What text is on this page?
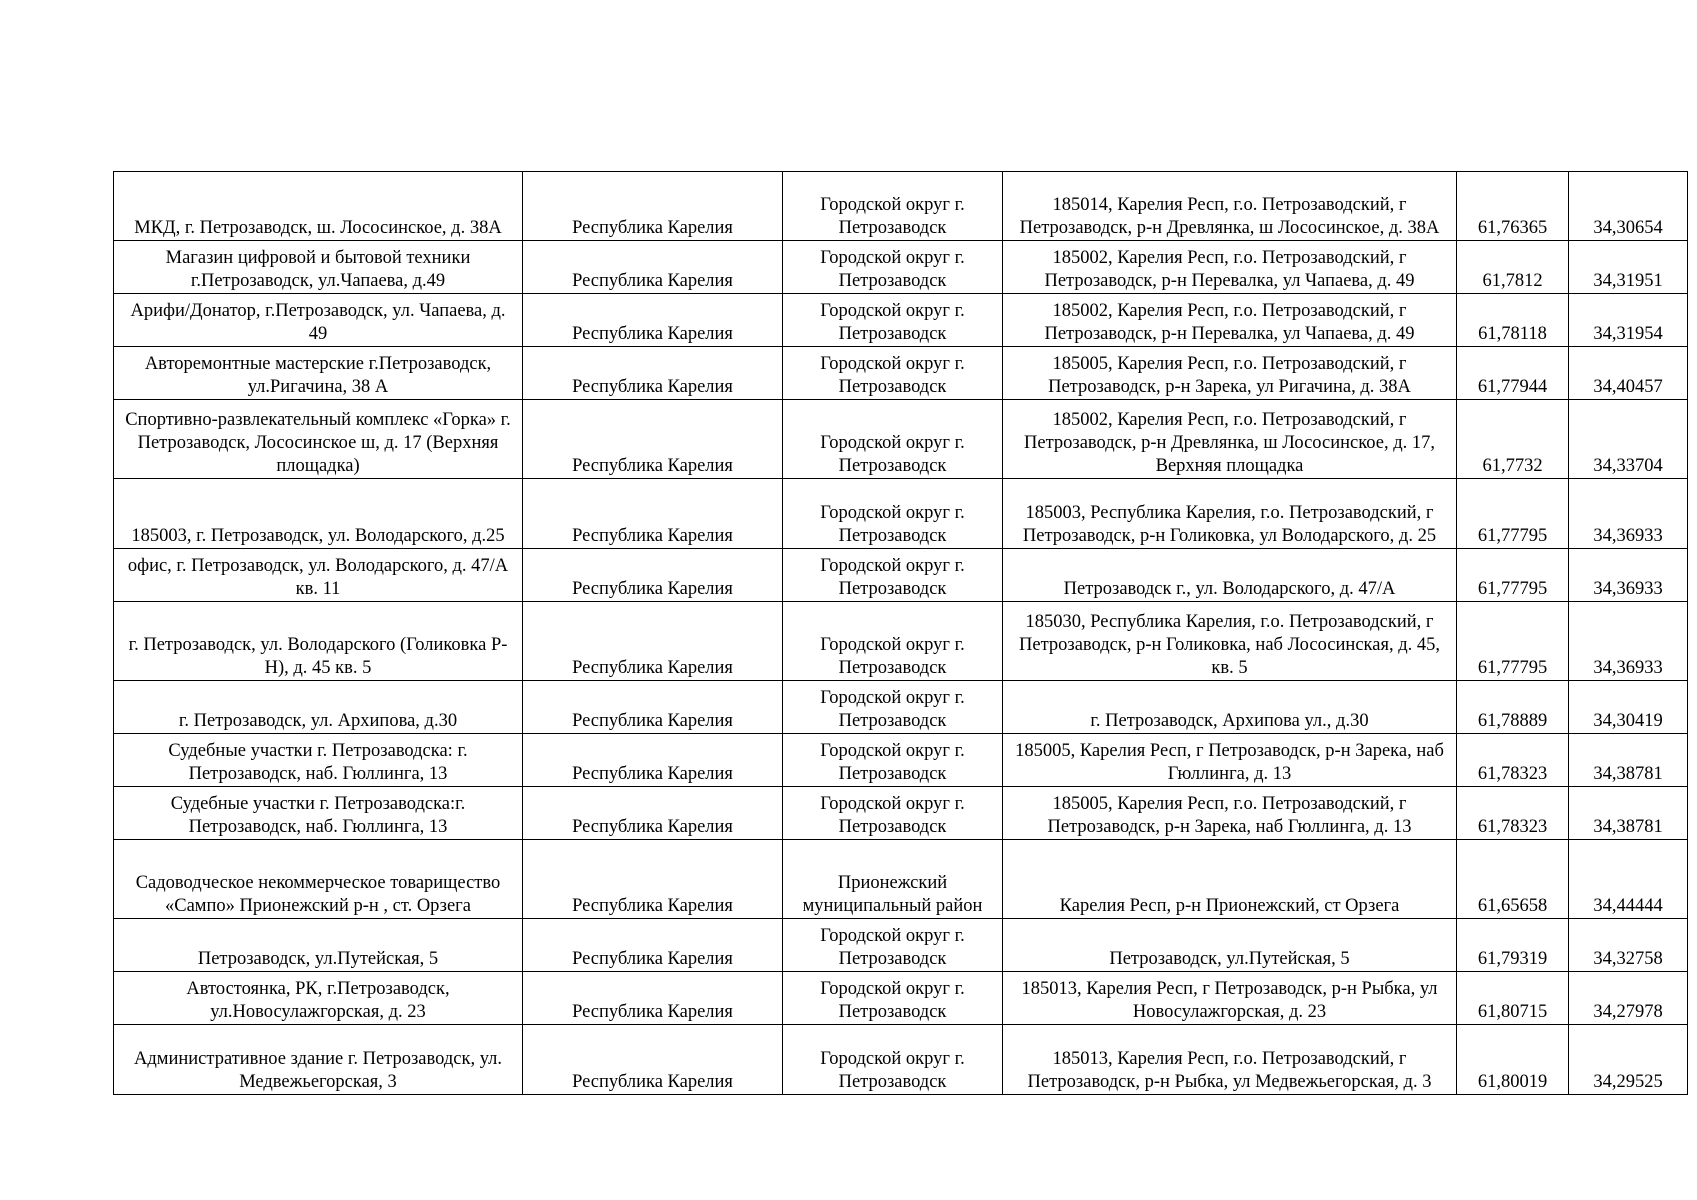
МКД, г. Петрозаводск, ш. Лососинское, д. 38А	Республика Карелия	Городской округ г. Петрозаводск	185014, Карелия Респ, г.о. Петрозаводский, г Петрозаводск, р-н Древлянка, ш Лососинское, д. 38А	61,76365	34,30654
Магазин цифровой и бытовой техники г.Петрозаводск, ул.Чапаева, д.49	Республика Карелия	Городской округ г. Петрозаводск	185002, Карелия Респ, г.о. Петрозаводский, г Петрозаводск, р-н Перевалка, ул Чапаева, д. 49	61,7812	34,31951
Арифи/Донатор, г.Петрозаводск, ул. Чапаева, д. 49	Республика Карелия	Городской округ г. Петрозаводск	185002, Карелия Респ, г.о. Петрозаводский, г Петрозаводск, р-н Перевалка, ул Чапаева, д. 49	61,78118	34,31954
Авторемонтные мастерские г.Петрозаводск, ул.Ригачина, 38 А	Республика Карелия	Городской округ г. Петрозаводск	185005, Карелия Респ, г.о. Петрозаводский, г Петрозаводск, р-н Зарека, ул Ригачина, д. 38А	61,77944	34,40457
Спортивно-развлекательный комплекс «Горка» г. Петрозаводск, Лососинское ш, д. 17 (Верхняя площадка)	Республика Карелия	Городской округ г. Петрозаводск	185002, Карелия Респ, г.о. Петрозаводский, г Петрозаводск, р-н Древлянка, ш Лососинское, д. 17, Верхняя площадка	61,7732	34,33704
185003, г. Петрозаводск, ул. Володарского, д.25	Республика Карелия	Городской округ г. Петрозаводск	185003, Республика Карелия, г.о. Петрозаводский, г Петрозаводск, р-н Голиковка, ул Володарского, д. 25	61,77795	34,36933
офис, г. Петрозаводск, ул. Володарского, д. 47/А кв. 11	Республика Карелия	Городской округ г. Петрозаводск	Петрозаводск г., ул. Володарского, д. 47/А	61,77795	34,36933
г. Петрозаводск, ул. Володарского (Голиковка Р-Н), д. 45 кв. 5	Республика Карелия	Городской округ г. Петрозаводск	185030, Республика Карелия, г.о. Петрозаводский, г Петрозаводск, р-н Голиковка, наб Лососинская, д. 45, кв. 5	61,77795	34,36933
г. Петрозаводск, ул. Архипова, д.30	Республика Карелия	Городской округ г. Петрозаводск	г. Петрозаводск, Архипова ул., д.30	61,78889	34,30419
Судебные участки г. Петрозаводска: г. Петрозаводск, наб. Гюллинга, 13	Республика Карелия	Городской округ г. Петрозаводск	185005, Карелия Респ, г Петрозаводск, р-н Зарека, наб Гюллинга, д. 13	61,78323	34,38781
Судебные участки г. Петрозаводска:г. Петрозаводск, наб. Гюллинга, 13	Республика Карелия	Городской округ г. Петрозаводск	185005, Карелия Респ, г.о. Петрозаводский, г Петрозаводск, р-н Зарека, наб Гюллинга, д. 13	61,78323	34,38781
Садоводческое некоммерческое товарищество «Сампо» Прионежский р-н , ст. Орзега	Республика Карелия	Прионежский муниципальный район	Карелия Респ, р-н Прионежский, ст Орзега	61,65658	34,44444
Петрозаводск, ул.Путейская, 5	Республика Карелия	Городской округ г. Петрозаводск	Петрозаводск, ул.Путейская, 5	61,79319	34,32758
Автостоянка, РК, г.Петрозаводск, ул.Новосулажгорская, д. 23	Республика Карелия	Городской округ г. Петрозаводск	185013, Карелия Респ, г Петрозаводск, р-н Рыбка, ул Новосулажгорская, д. 23	61,80715	34,27978
Административное здание г. Петрозаводск, ул. Медвежьегорская, 3	Республика Карелия	Городской округ г. Петрозаводск	185013, Карелия Респ, г.о. Петрозаводский, г Петрозаводск, р-н Рыбка, ул Медвежьегорская, д. 3	61,80019	34,29525
